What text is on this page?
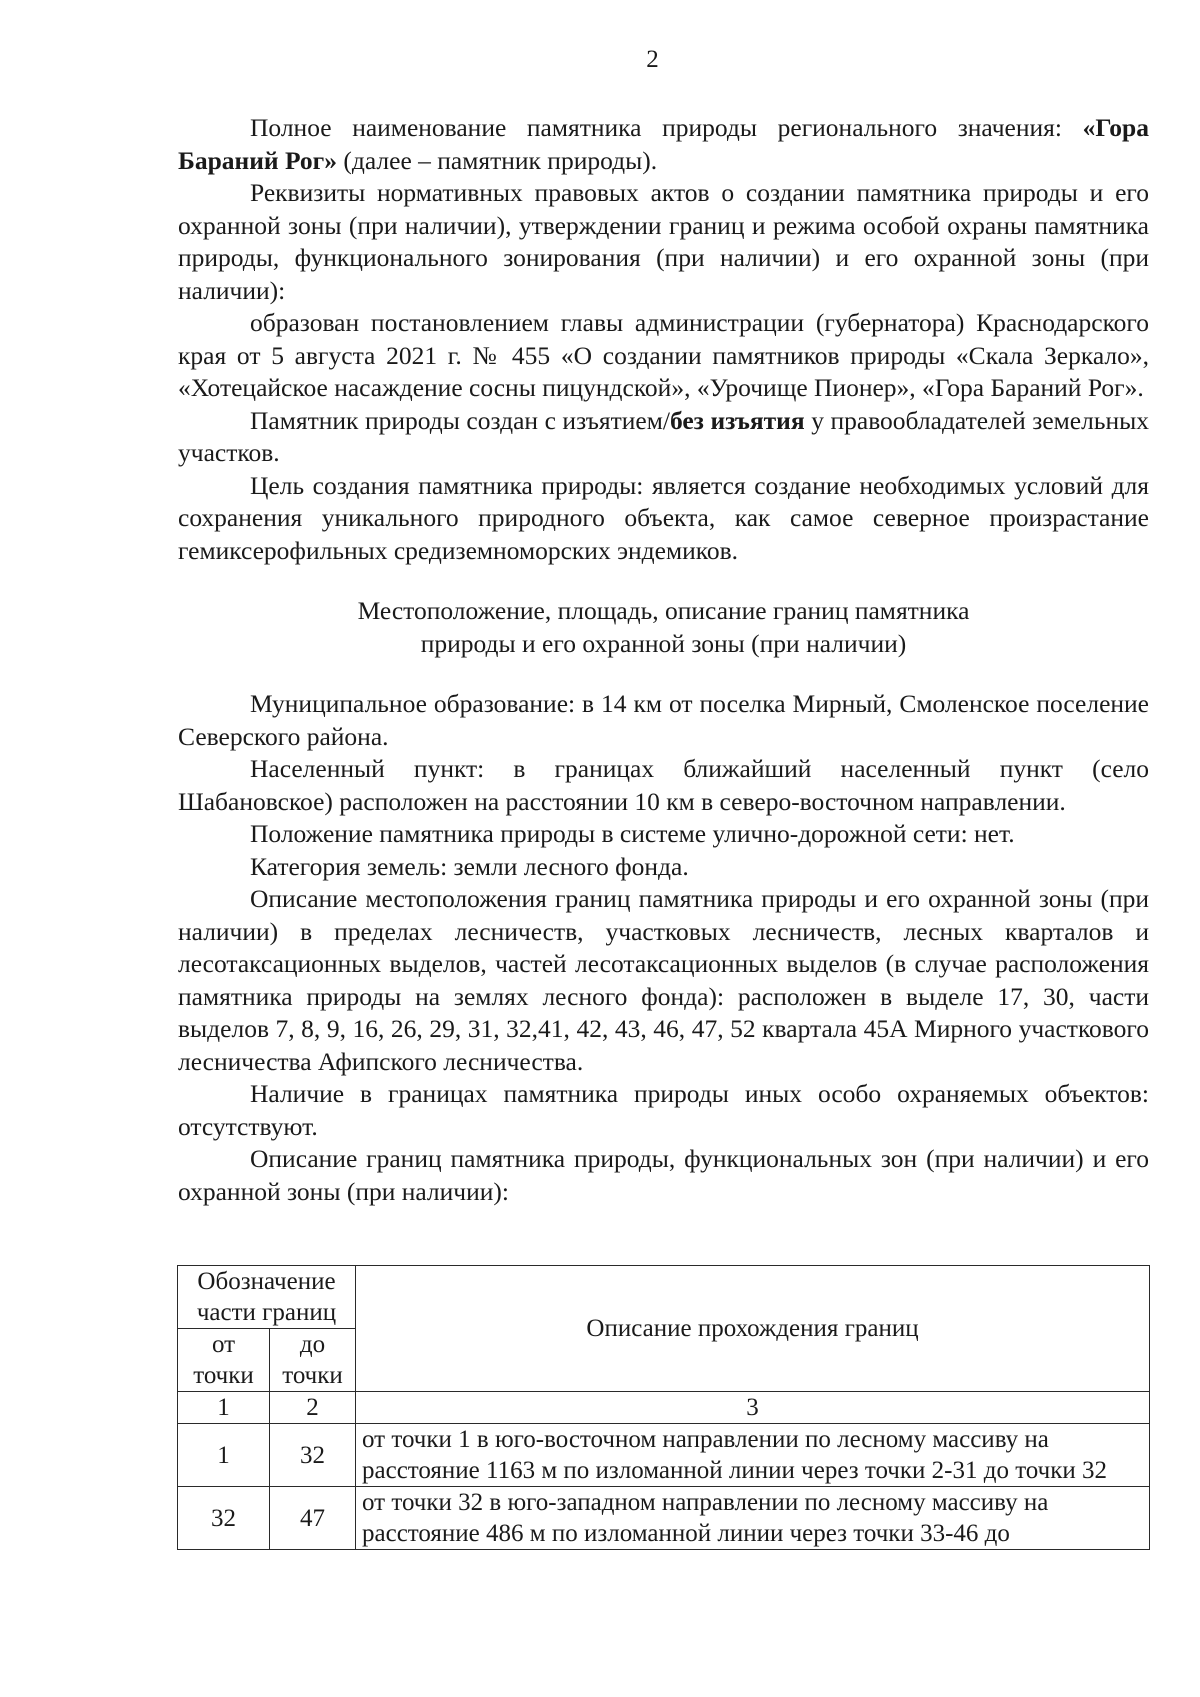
2

Полное наименование памятника природы регионального значения: «Гора Бараний Рог» (далее – памятник природы).

Реквизиты нормативных правовых актов о создании памятника природы и его охранной зоны (при наличии), утверждении границ и режима особой охраны памятника природы, функционального зонирования (при наличии) и его охранной зоны (при наличии):

образован постановлением главы администрации (губернатора) Краснодарского края от 5 августа 2021 г. № 455 «О создании памятников природы «Скала Зеркало», «Хотецайское насаждение сосны пицундской», «Урочище Пионер», «Гора Бараний Рог».

Памятник природы создан с изъятием/без изъятия у правообладателей земельных участков.

Цель создания памятника природы: является создание необходимых условий для сохранения уникального природного объекта, как самое северное произрастание гемиксерофильных средиземноморских эндемиков.

Местоположение, площадь, описание границ памятника
природы и его охранной зоны (при наличии)

Муниципальное образование: в 14 км от поселка Мирный, Смоленское поселение Северского района.

Населенный пункт: в границах ближайший населенный пункт (село Шабановское) расположен на расстоянии 10 км в северо-восточном направлении.

Положение памятника природы в системе улично-дорожной сети: нет.

Категория земель: земли лесного фонда.

Описание местоположения границ памятника природы и его охранной зоны (при наличии) в пределах лесничеств, участковых лесничеств, лесных кварталов и лесотаксационных выделов, частей лесотаксационных выделов (в случае расположения памятника природы на землях лесного фонда): расположен в выделе 17, 30, части выделов 7, 8, 9, 16, 26, 29, 31, 32,41, 42, 43, 46, 47, 52 квартала 45А Мирного участкового лесничества Афипского лесничества.

Наличие в границах памятника природы иных особо охраняемых объектов: отсутствуют.

Описание границ памятника природы, функциональных зон (при наличии) и его охранной зоны (при наличии):

Обозначение части границ		Описание прохождения границ
от точки	до точки	
1	2	3
1	32	от точки 1 в юго-восточном направлении по лесному массиву на расстояние 1163 м по изломанной линии через точки 2-31 до точки 32
32	47	от точки 32 в юго-западном направлении по лесному массиву на расстояние 486 м по изломанной линии через точки 33-46 до
